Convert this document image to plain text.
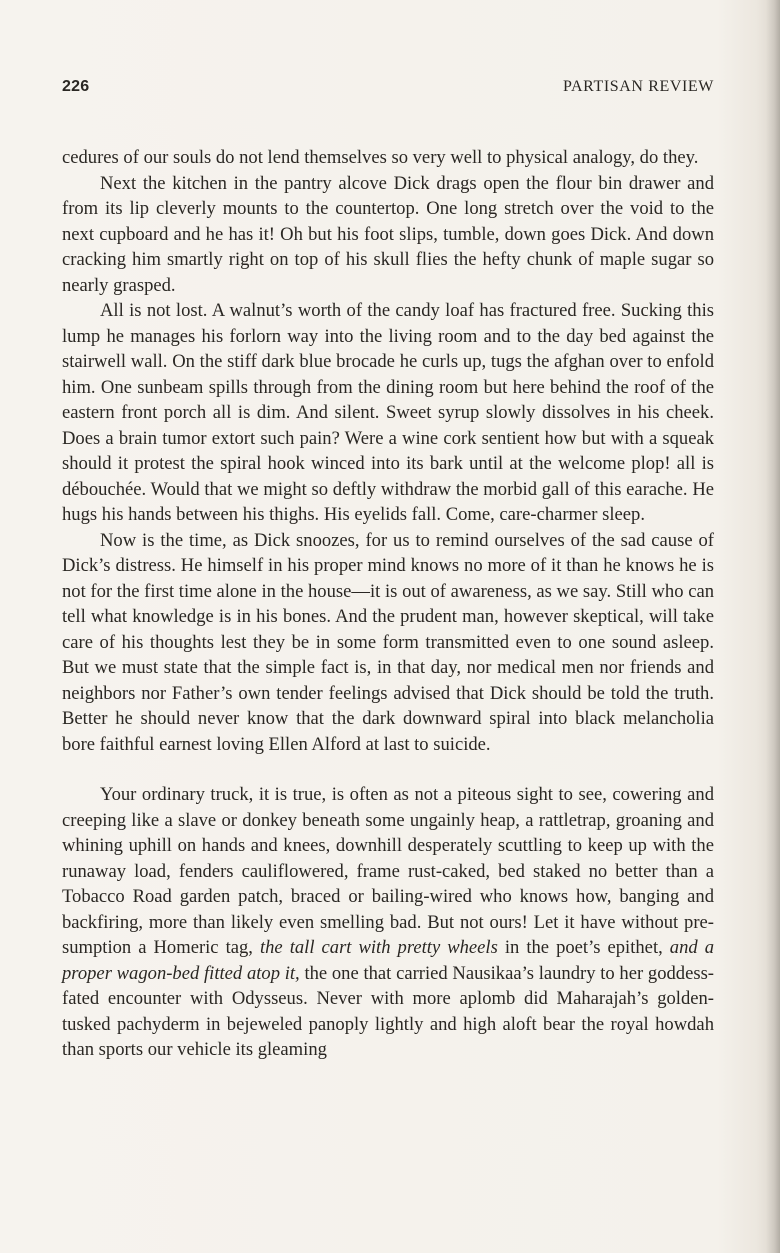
226	PARTISAN REVIEW

cedures of our souls do not lend themselves so very well to physical analogy, do they.

Next the kitchen in the pantry alcove Dick drags open the flour bin drawer and from its lip cleverly mounts to the countertop. One long stretch over the void to the next cupboard and he has it! Oh but his foot slips, tumble, down goes Dick. And down cracking him smartly right on top of his skull flies the hefty chunk of maple sugar so nearly grasped.

All is not lost. A walnut’s worth of the candy loaf has fractured free. Sucking this lump he manages his forlorn way into the living room and to the day bed against the stairwell wall. On the stiff dark blue brocade he curls up, tugs the afghan over to enfold him. One sunbeam spills through from the dining room but here behind the roof of the eastern front porch all is dim. And silent. Sweet syrup slowly dissolves in his cheek. Does a brain tumor extort such pain? Were a wine cork sentient how but with a squeak should it protest the spiral hook winced into its bark until at the welcome plop! all is débouchée. Would that we might so deftly withdraw the morbid gall of this earache. He hugs his hands between his thighs. His eyelids fall. Come, care-charmer sleep.

Now is the time, as Dick snoozes, for us to remind ourselves of the sad cause of Dick’s distress. He himself in his proper mind knows no more of it than he knows he is not for the first time alone in the house—it is out of awareness, as we say. Still who can tell what knowledge is in his bones. And the prudent man, however skeptical, will take care of his thoughts lest they be in some form transmitted even to one sound asleep. But we must state that the simple fact is, in that day, nor medical men nor friends and neighbors nor Father’s own tender feelings advised that Dick should be told the truth. Better he should never know that the dark downward spiral into black melancholia bore faithful earnest loving Ellen Alford at last to suicide.

Your ordinary truck, it is true, is often as not a piteous sight to see, cowering and creeping like a slave or donkey beneath some ungainly heap, a rattletrap, groaning and whining uphill on hands and knees, downhill desperately scuttling to keep up with the runaway load, fenders cauliflowered, frame rust-caked, bed staked no better than a Tobacco Road garden patch, braced or bailing-wired who knows how, banging and backfiring, more than likely even smelling bad. But not ours! Let it have without presumption a Homeric tag, the tall cart with pretty wheels in the poet’s epithet, and a proper wagon-bed fitted atop it, the one that carried Nausikaa’s laundry to her goddess-fated encounter with Odysseus. Never with more aplomb did Maharajah’s golden-tusked pachyderm in bejeweled panoply lightly and high aloft bear the royal howdah than sports our vehicle its gleaming
